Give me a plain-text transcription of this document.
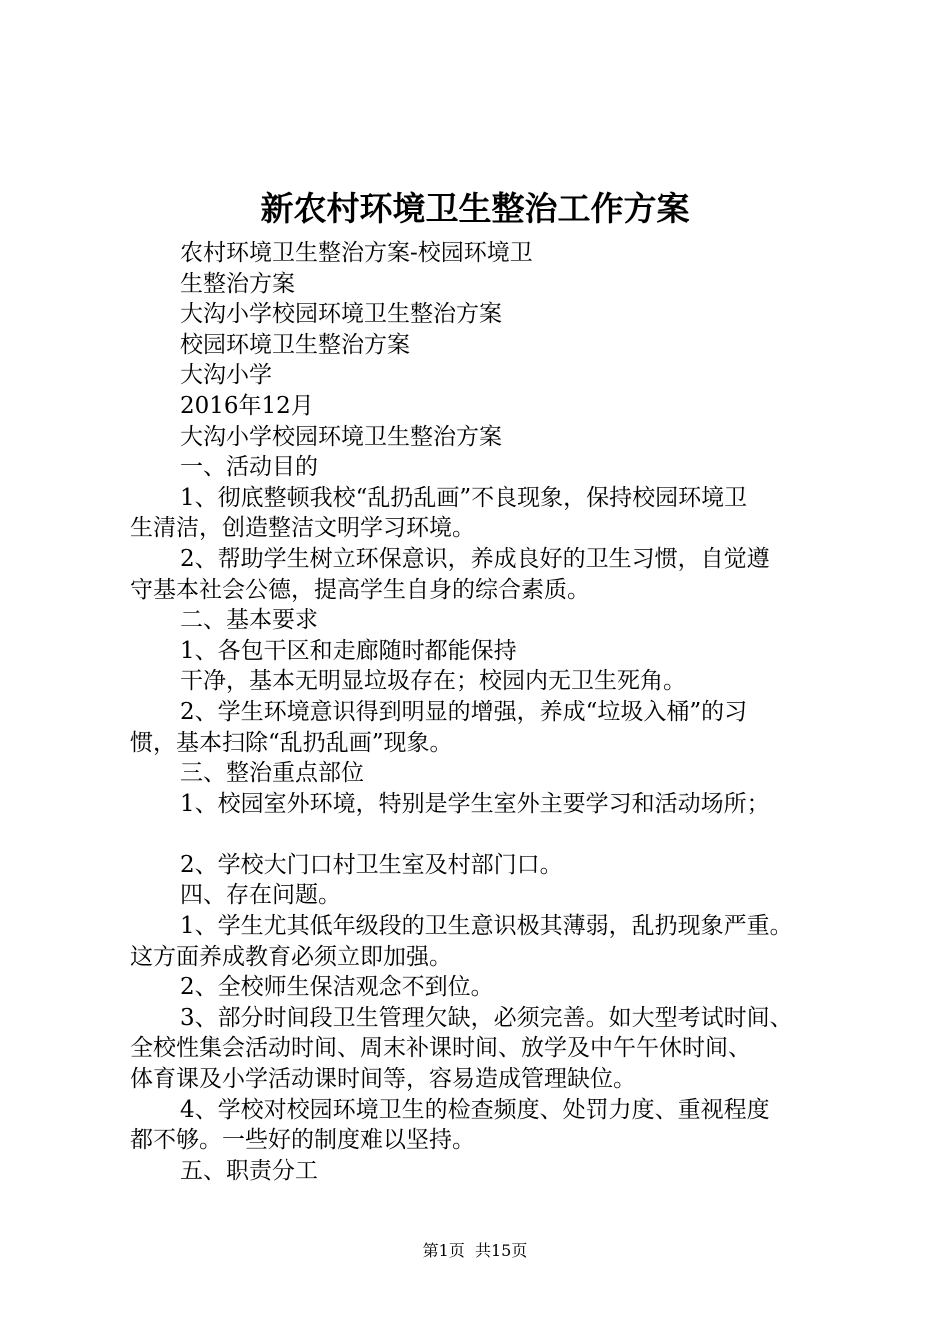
新农村环境卫生整治工作方案

农村环境卫生整治方案-校园环境卫

生整治方案

大沟小学校园环境卫生整治方案

校园环境卫生整治方案

大沟小学

2016年12月

大沟小学校园环境卫生整治方案

一、活动目的

1、彻底整顿我校“乱扔乱画”不良现象，保持校园环境卫

生清洁，创造整洁文明学习环境。

2、帮助学生树立环保意识，养成良好的卫生习惯，自觉遵

守基本社会公德，提高学生自身的综合素质。

二、基本要求

1、各包干区和走廊随时都能保持

干净，基本无明显垃圾存在；校园内无卫生死角。

2、学生环境意识得到明显的增强，养成“垃圾入桶”的习

惯，基本扫除“乱扔乱画”现象。

三、整治重点部位

1、校园室外环境，特别是学生室外主要学习和活动场所；

2、学校大门口村卫生室及村部门口。

四、存在问题。

1、学生尤其低年级段的卫生意识极其薄弱，乱扔现象严重。

这方面养成教育必须立即加强。

2、全校师生保洁观念不到位。

3、部分时间段卫生管理欠缺，必须完善。如大型考试时间、

全校性集会活动时间、周末补课时间、放学及中午午休时间、

体育课及小学活动课时间等，容易造成管理缺位。

4、学校对校园环境卫生的检查频度、处罚力度、重视程度

都不够。一些好的制度难以坚持。

五、职责分工

第1页  共15页
